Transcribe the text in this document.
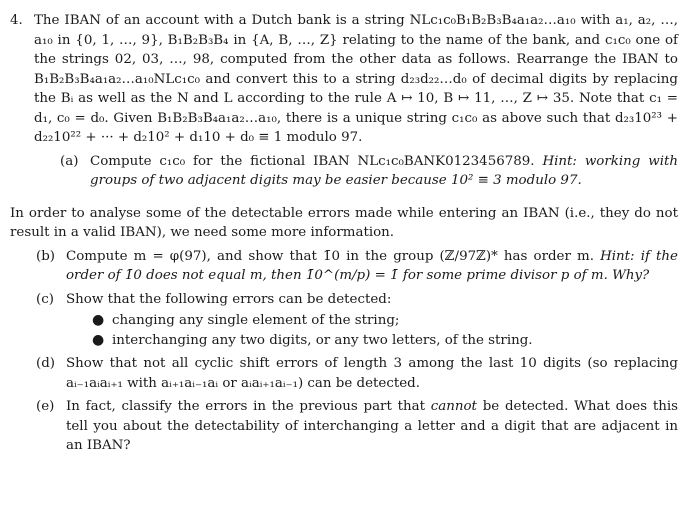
4. The IBAN of an account with a Dutch bank is a string NLc₁c₀B₁B₂B₃B₄a₁a₂…a₁₀ with a₁, a₂, …, a₁₀ in {0, 1, …, 9}, B₁B₂B₃B₄ in {A, B, …, Z} relating to the name of the bank, and c₁c₀ one of the strings 02, 03, …, 98, computed from the other data as follows. Rearrange the IBAN to B₁B₂B₃B₄a₁a₂…a₁₀NLc₁c₀ and convert this to a string d₂₃d₂₂…d₀ of decimal digits by replacing the Bᵢ as well as the N and L according to the rule A ↦ 10, B ↦ 11, …, Z ↦ 35. Note that c₁ = d₁, c₀ = d₀. Given B₁B₂B₃B₄a₁a₂…a₁₀, there is a unique string c₁c₀ as above such that d₂₃10²³ + d₂₂10²² + ··· + d₂10² + d₁10 + d₀ ≡ 1 modulo 97.

(a) Compute c₁c₀ for the fictional IBAN NLc₁c₀BANK0123456789. Hint: working with groups of two adjacent digits may be easier because 10² ≡ 3 modulo 97.

In order to analyse some of the detectable errors made while entering an IBAN (i.e., they do not result in a valid IBAN), we need some more information.

(b) Compute m = φ(97), and show that 1̄0 in the group (ℤ/97ℤ)* has order m. Hint: if the order of 1̄0 does not equal m, then 1̄0^(m/p) = 1̄ for some prime divisor p of m. Why?
(c) Show that the following errors can be detected:
● changing any single element of the string;
● interchanging any two digits, or any two letters, of the string.
(d) Show that not all cyclic shift errors of length 3 among the last 10 digits (so replacing aᵢ₋₁aᵢaᵢ₊₁ with aᵢ₊₁aᵢ₋₁aᵢ or aᵢaᵢ₊₁aᵢ₋₁) can be detected.
(e) In fact, classify the errors in the previous part that cannot be detected. What does this tell you about the detectability of interchanging a letter and a digit that are adjacent in an IBAN?
